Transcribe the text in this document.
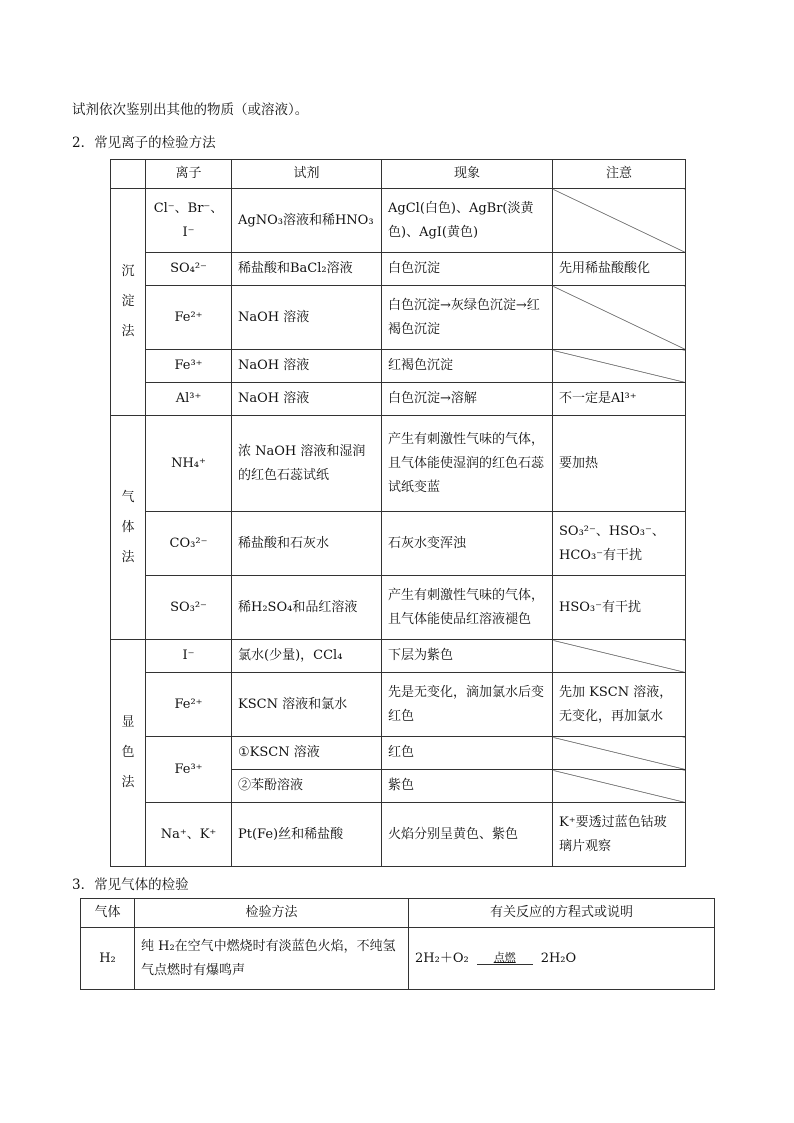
试剂依次鉴别出其他的物质（或溶液）。
2．常见离子的检验方法
	离子	试剂	现象	注意

沉
淀
法	Cl⁻、Br⁻、I⁻	AgNO₃溶液和稀HNO₃	AgCl(白色)、AgBr(淡黄色)、AgI(黄色)	
	SO₄²⁻	稀盐酸和BaCl₂溶液	白色沉淀	先用稀盐酸酸化
	Fe²⁺	NaOH 溶液	白色沉淀→灰绿色沉淀→红褐色沉淀	
	Fe³⁺	NaOH 溶液	红褐色沉淀	
	Al³⁺	NaOH 溶液	白色沉淀→溶解	不一定是Al³⁺

气
体
法	NH₄⁺	浓 NaOH 溶液和湿润的红色石蕊试纸	产生有刺激性气味的气体，且气体能使湿润的红色石蕊试纸变蓝	要加热
	CO₃²⁻	稀盐酸和石灰水	石灰水变浑浊	SO₃²⁻、HSO₃⁻、HCO₃⁻有干扰
	SO₃²⁻	稀H₂SO₄和品红溶液	产生有刺激性气味的气体，且气体能使品红溶液褪色	HSO₃⁻有干扰

显
色
法	I⁻	氯水(少量)，CCl₄	下层为紫色	
	Fe²⁺	KSCN 溶液和氯水	先是无变化，滴加氯水后变红色	先加 KSCN 溶液，无变化，再加氯水
	Fe³⁺	①KSCN 溶液	红色	
		②苯酚溶液	紫色	
	Na⁺、K⁺	Pt(Fe)丝和稀盐酸	火焰分别呈黄色、紫色	K⁺要透过蓝色钴玻璃片观察
3．常见气体的检验
气体	检验方法	有关反应的方程式或说明
H₂	纯 H₂在空气中燃烧时有淡蓝色火焰，不纯氢气点燃时有爆鸣声	2H₂＋O₂ 点燃 2H₂O
